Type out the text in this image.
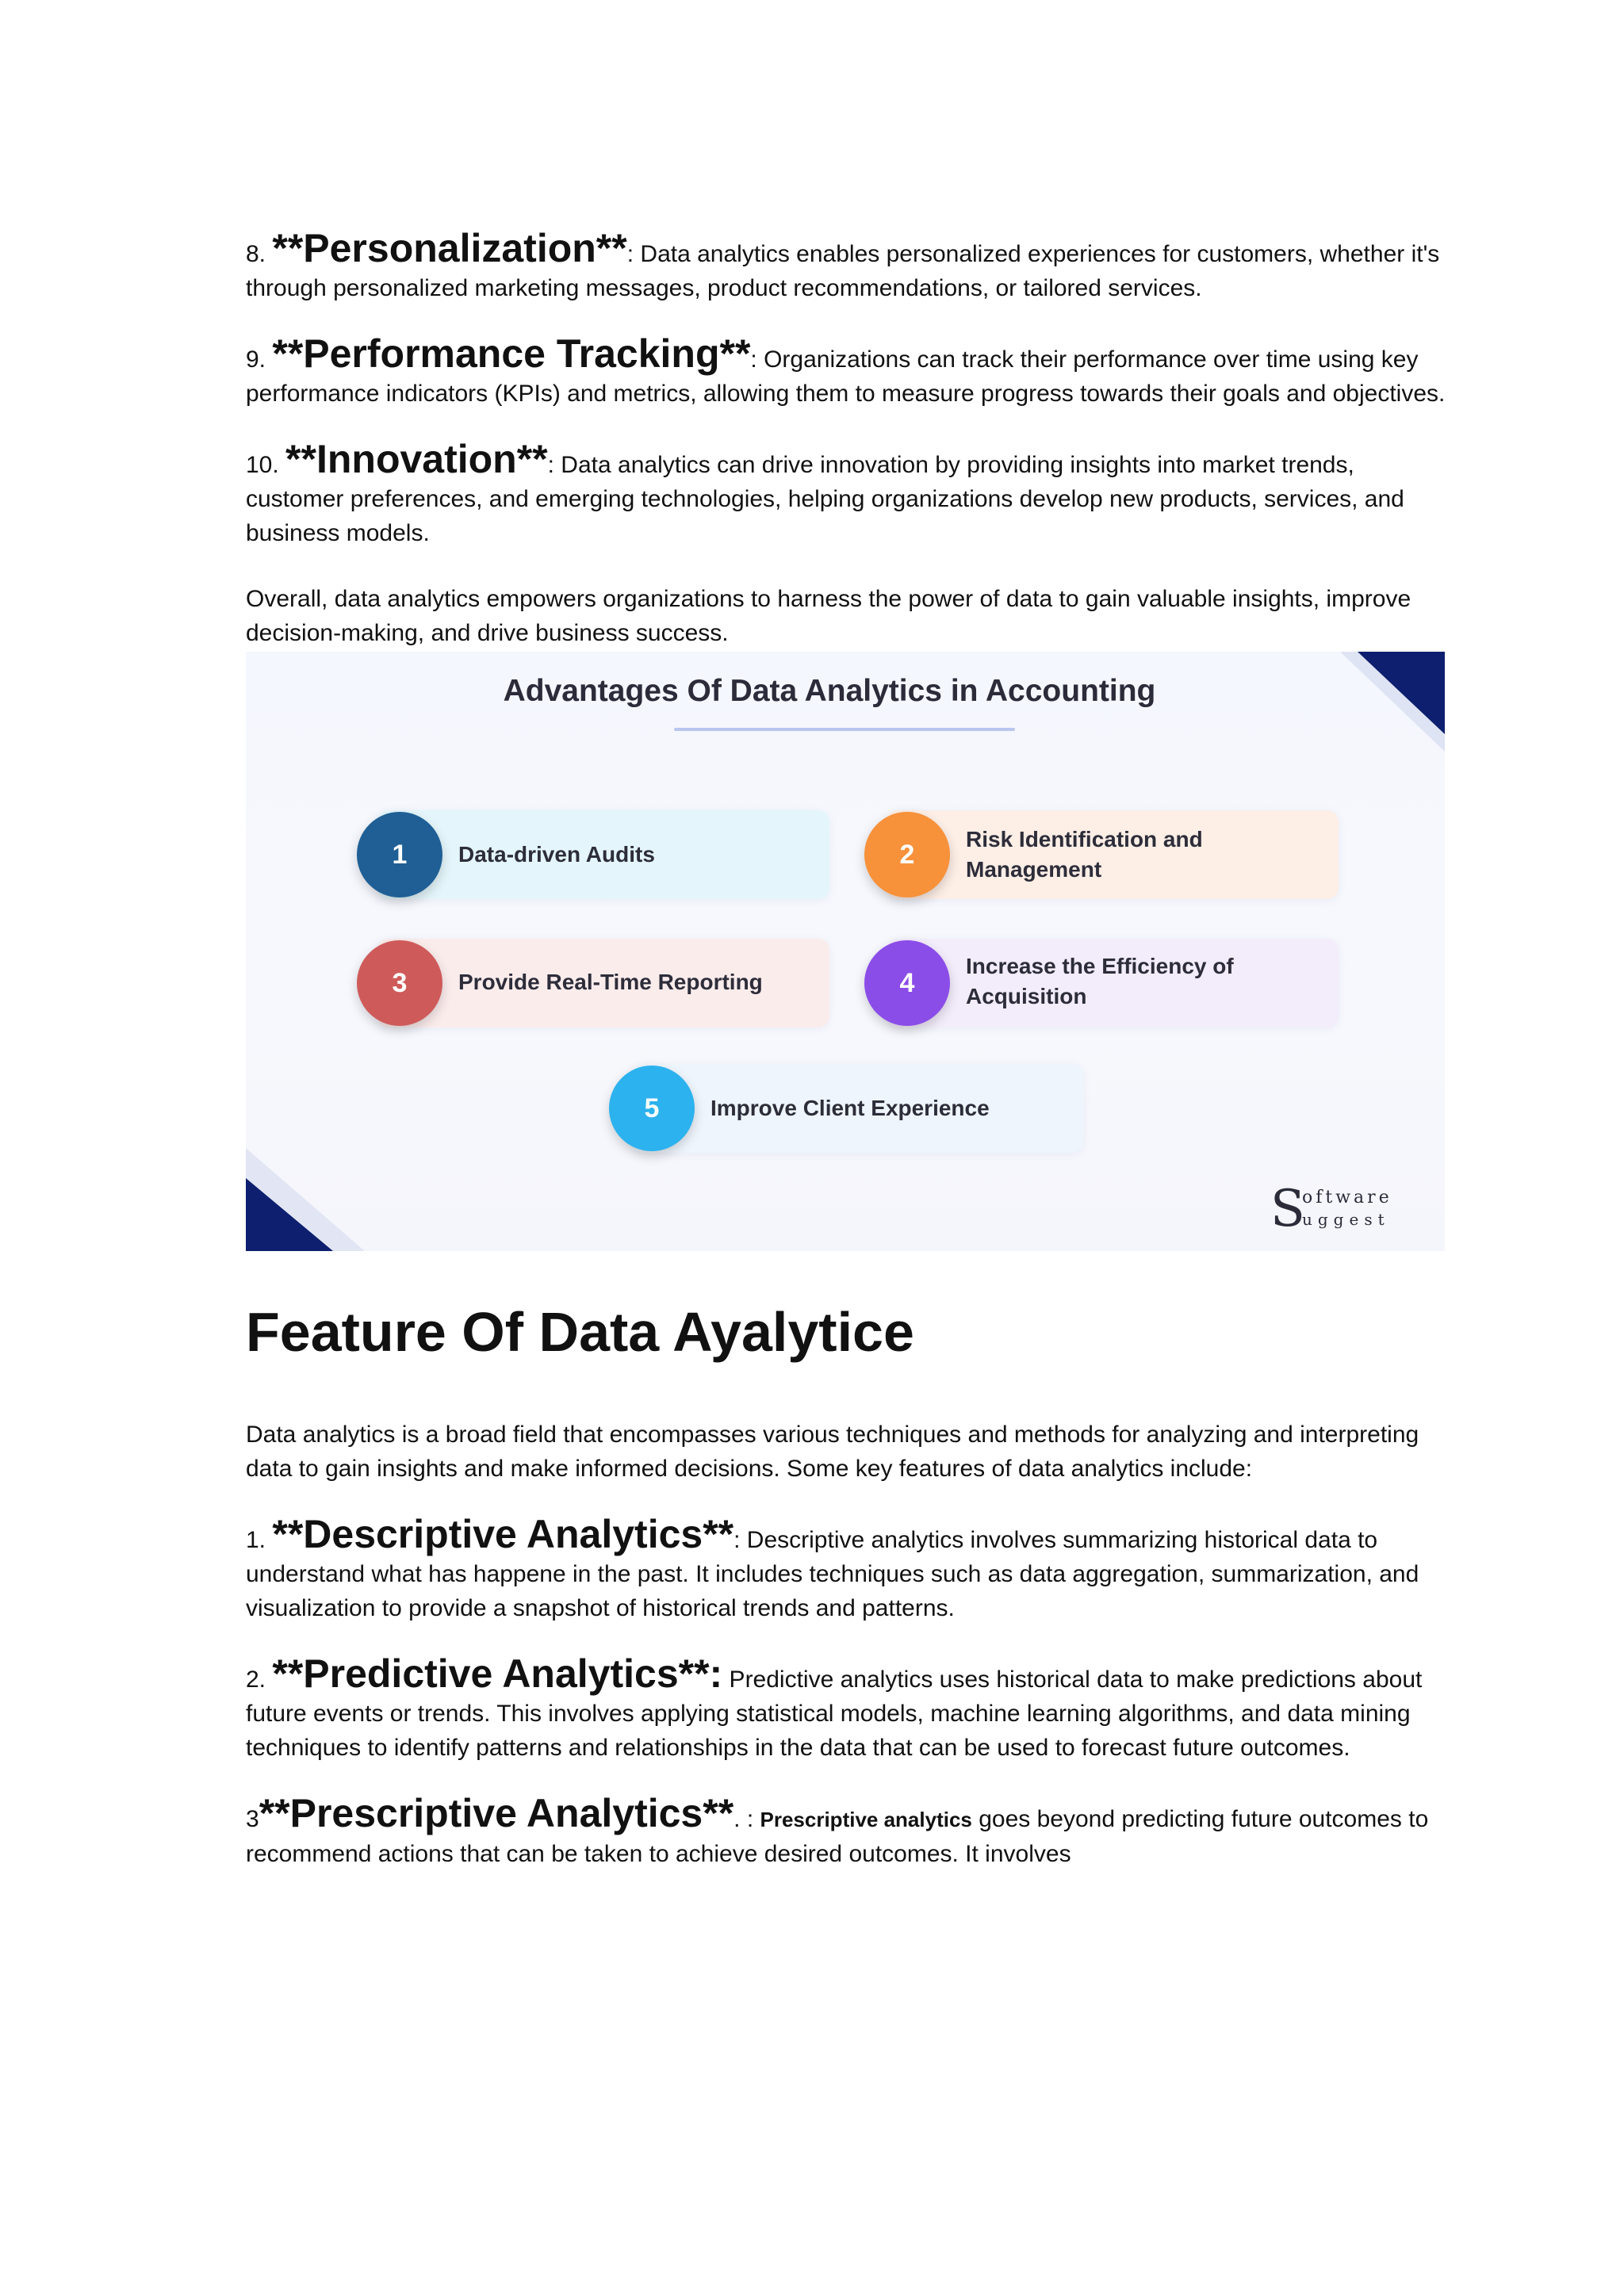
8. **Personalization**: Data analytics enables personalized experiences for customers, whether it's through personalized marketing messages, product recommendations, or tailored services.

9. **Performance Tracking**: Organizations can track their performance over time using key performance indicators (KPIs) and metrics, allowing them to measure progress towards their goals and objectives.

10. **Innovation**: Data analytics can drive innovation by providing insights into market trends, customer preferences, and emerging technologies, helping organizations develop new products, services, and business models.

Overall, data analytics empowers organizations to harness the power of data to gain valuable insights, improve decision-making, and drive business success.

Advantages Of Data Analytics in Accounting
1	Data-driven Audits	2	Risk Identification and Management
3	Provide Real-Time Reporting	4
Increase the Efficiency of Acquisition
5	Improve Client Experience
S
oftware
uggest
Feature Of Data Ayalytice

Data analytics is a broad field that encompasses various techniques and methods for analyzing and interpreting data to gain insights and make informed decisions. Some key features of data analytics include:

1. **Descriptive Analytics**: Descriptive analytics involves summarizing historical data to understand what has happene in the past. It includes techniques such as data aggregation, summarization, and visualization to provide a snapshot of historical trends and patterns.

2. **Predictive Analytics**: Predictive analytics uses historical data to make predictions about future events or trends. This involves applying statistical models, machine learning algorithms, and data mining techniques to identify patterns and relationships in the data that can be used to forecast future outcomes.

3**Prescriptive Analytics**. : Prescriptive analytics goes beyond predicting future outcomes to recommend actions that can be taken to achieve desired outcomes. It involves
